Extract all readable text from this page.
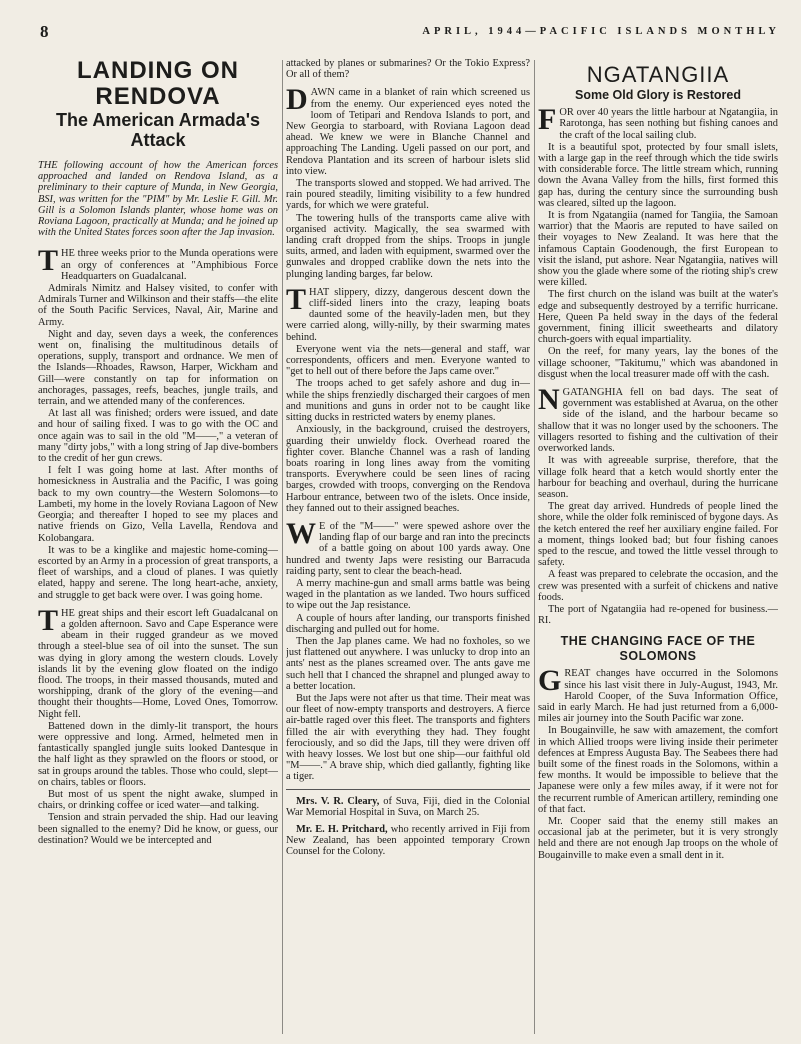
8	APRIL, 1944—PACIFIC ISLANDS MONTHLY
LANDING ON RENDOVA
The American Armada's Attack

THE following account of how the American forces approached and landed on Rendova Island, as a preliminary to their capture of Munda, in New Georgia, BSI, was written for the "PIM" by Mr. Leslie F. Gill. Mr. Gill is a Solomon Islands planter, whose home was on Roviana Lagoon, practically at Munda; and he joined up with the United States forces soon after the Jap invasion.

THE three weeks prior to the Munda operations were an orgy of conferences at "Amphibious Force Headquarters on Guadalcanal.

Admirals Nimitz and Halsey visited, to confer with Admirals Turner and Wilkinson and their staffs—the elite of the South Pacific Services, Naval, Air, Marine and Army.

Night and day, seven days a week, the conferences went on, finalising the multitudinous details of operations, supply, transport and ordnance. We men of the Islands—Rhoades, Rawson, Harper, Wickham and Gill—were constantly on tap for information on anchorages, passages, reefs, beaches, jungle trails, and terrain, and we attended many of the conferences.

At last all was finished; orders were issued, and date and hour of sailing fixed. I was to go with the OC and once again was to sail in the old "M——," a veteran of many "dirty jobs," with a long string of Jap dive-bombers to the credit of her gun crews.

I felt I was going home at last. After months of homesickness in Australia and the Pacific, I was going back to my own country—the Western Solomons—to Lambeti, my home in the lovely Roviana Lagoon of New Georgia; and thereafter I hoped to see my places and native friends on Gizo, Vella Lavella, Rendova and Kolobangara.

It was to be a kinglike and majestic home-coming—escorted by an Army in a procession of great transports, a fleet of warships, and a cloud of planes. I was quietly elated, happy and serene. The long heart-ache, anxiety, and struggle to get back were over. I was going home.

THE great ships and their escort left Guadalcanal on a golden afternoon. Savo and Cape Esperance were abeam in their rugged grandeur as we moved through a steel-blue sea of oil into the sunset. The sun was dying in glory among the western clouds. Lovely islands lit by the evening glow floated on the indigo flood. The troops, in their massed thousands, muted and worshipping, drank of the glory of the evening—and thought their thoughts—Home, Loved Ones, Tomorrow. Night fell.

Battened down in the dimly-lit transport, the hours were oppressive and long. Armed, helmeted men in fantastically spangled jungle suits looked Dantesque in the half light as they sprawled on the floors or stood, or sat in groups around the tables. Those who could, slept—on chairs, tables or floors.

But most of us spent the night awake, slumped in chairs, or drinking coffee or iced water—and talking.

Tension and strain pervaded the ship. Had our leaving been signalled to the enemy? Did he know, or guess, our destination? Would we be intercepted and

attacked by planes or submarines? Or the Tokio Express? Or all of them?

DAWN came in a blanket of rain which screened us from the enemy. Our experienced eyes noted the loom of Tetipari and Rendova Islands to port, and New Georgia to starboard, with Roviana Lagoon dead ahead. We knew we were in Blanche Channel and approaching The Landing. Ugeli passed on our port, and Rendova Plantation and its screen of harbour islets slid into view.

The transports slowed and stopped. We had arrived. The rain poured steadily, limiting visibility to a few hundred yards, for which we were grateful.

The towering hulls of the transports came alive with organised activity. Magically, the sea swarmed with landing craft dropped from the ships. Troops in jungle suits, armed, and laden with equipment, swarmed over the gunwales and dropped crablike down the nets into the plunging landing barges, far below.

THAT slippery, dizzy, dangerous descent down the cliff-sided liners into the crazy, leaping boats daunted some of the heavily-laden men, but they were carried along, willy-nilly, by their swarming mates behind.

Everyone went via the nets—general and staff, war correspondents, officers and men. Everyone wanted to "get to hell out of there before the Japs came over."

The troops ached to get safely ashore and dug in—while the ships frenziedly discharged their cargoes of men and munitions and guns in order not to be caught like sitting ducks in restricted waters by enemy planes.

Anxiously, in the background, cruised the destroyers, guarding their unwieldy flock. Overhead roared the fighter cover. Blanche Channel was a rash of landing boats roaring in long lines away from the vomiting transports. Everywhere could be seen lines of racing barges, crowded with troops, converging on the Rendova Harbour entrance, between two of the islets. Once inside, they fanned out to their assigned beaches.

W E of the "M——" were spewed ashore over the landing flap of our barge and ran into the precincts of a battle going on about 100 yards away. One hundred and twenty Japs were resisting our Barracuda raiding party, sent to clear the beach-head.

A merry machine-gun and small arms battle was being waged in the plantation as we landed. Two hours sufficed to wipe out the Jap resistance.

A couple of hours after landing, our transports finished discharging and pulled out for home.

Then the Jap planes came. We had no foxholes, so we just flattened out anywhere. I was unlucky to drop into an ants' nest as the planes screamed over. The ants gave me such hell that I chanced the shrapnel and plunged away to a better location.

But the Japs were not after us that time. Their meat was our fleet of now-empty transports and destroyers. A fierce air-battle raged over this fleet. The transports and fighters filled the air with everything they had. They fought ferociously, and so did the Japs, till they were driven off with heavy losses. We lost but one ship—our faithful old "M——." A brave ship, which died gallantly, fighting like a tiger.

Mrs. V. R. Cleary, of Suva, Fiji, died in the Colonial War Memorial Hospital in Suva, on March 25.

Mr. E. H. Pritchard, who recently arrived in Fiji from New Zealand, has been appointed temporary Crown Counsel for the Colony.

NGATANGIIA
Some Old Glory is Restored

FOR over 40 years the little harbour at Ngatangiia, in Rarotonga, has seen nothing but fishing canoes and the craft of the local sailing club.

It is a beautiful spot, protected by four small islets, with a large gap in the reef through which the tide swirls with considerable force. The little stream which, running down the Avana Valley from the hills, first formed this gap has, during the century since the surrounding bush was cleared, silted up the lagoon.

It is from Ngatangiia (named for Tangiia, the Samoan warrior) that the Maoris are reputed to have sailed on their voyages to New Zealand. It was here that the infamous Captain Goodenough, the first European to visit the island, put ashore. Near Ngatangiia, natives will show you the glade where some of the rioting ship's crew were killed.

The first church on the island was built at the water's edge and subsequently destroyed by a terrific hurricane. Here, Queen Pa held sway in the days of the federal government, fining illicit sweethearts and dilatory church-goers with equal impartiality.

On the reef, for many years, lay the bones of the village schooner, "Takitumu," which was abandoned in disgust when the local treasurer made off with the cash.

NGATANGHIA fell on bad days. The seat of government was established at Avarua, on the other side of the island, and the harbour became so shallow that it was no longer used by the schooners. The villagers resorted to fishing and the cultivation of their overworked lands.

It was with agreeable surprise, therefore, that the village folk heard that a ketch would shortly enter the harbour for beaching and overhaul, during the hurricane season.

The great day arrived. Hundreds of people lined the shore, while the older folk reminisced of bygone days. As the ketch entered the reef her auxiliary engine failed. For a moment, things looked bad; but four fishing canoes sped to the rescue, and towed the little vessel through to safety.

A feast was prepared to celebrate the occasion, and the crew was presented with a surfeit of chickens and native foods.

The port of Ngatangiia had re-opened for business.—RI.

THE CHANGING FACE OF THE SOLOMONS

GREAT changes have occurred in the Solomons since his last visit there in July-August, 1943, Mr. Harold Cooper, of the Suva Information Office, said in early March. He had just returned from a 6,000-miles air journey into the South Pacific war zone.

In Bougainville, he saw with amazement, the comfort in which Allied troops were living inside their perimeter defences at Empress Augusta Bay. The Seabees there had built some of the finest roads in the Solomons, within a few months. It would be impossible to believe that the Japanese were only a few miles away, if it were not for the recurrent rumble of American artillery, reminding one of that fact.

Mr. Cooper said that the enemy still makes an occasional jab at the perimeter, but it is very strongly held and there are not enough Jap troops on the whole of Bougainville to make even a small dent in it.
